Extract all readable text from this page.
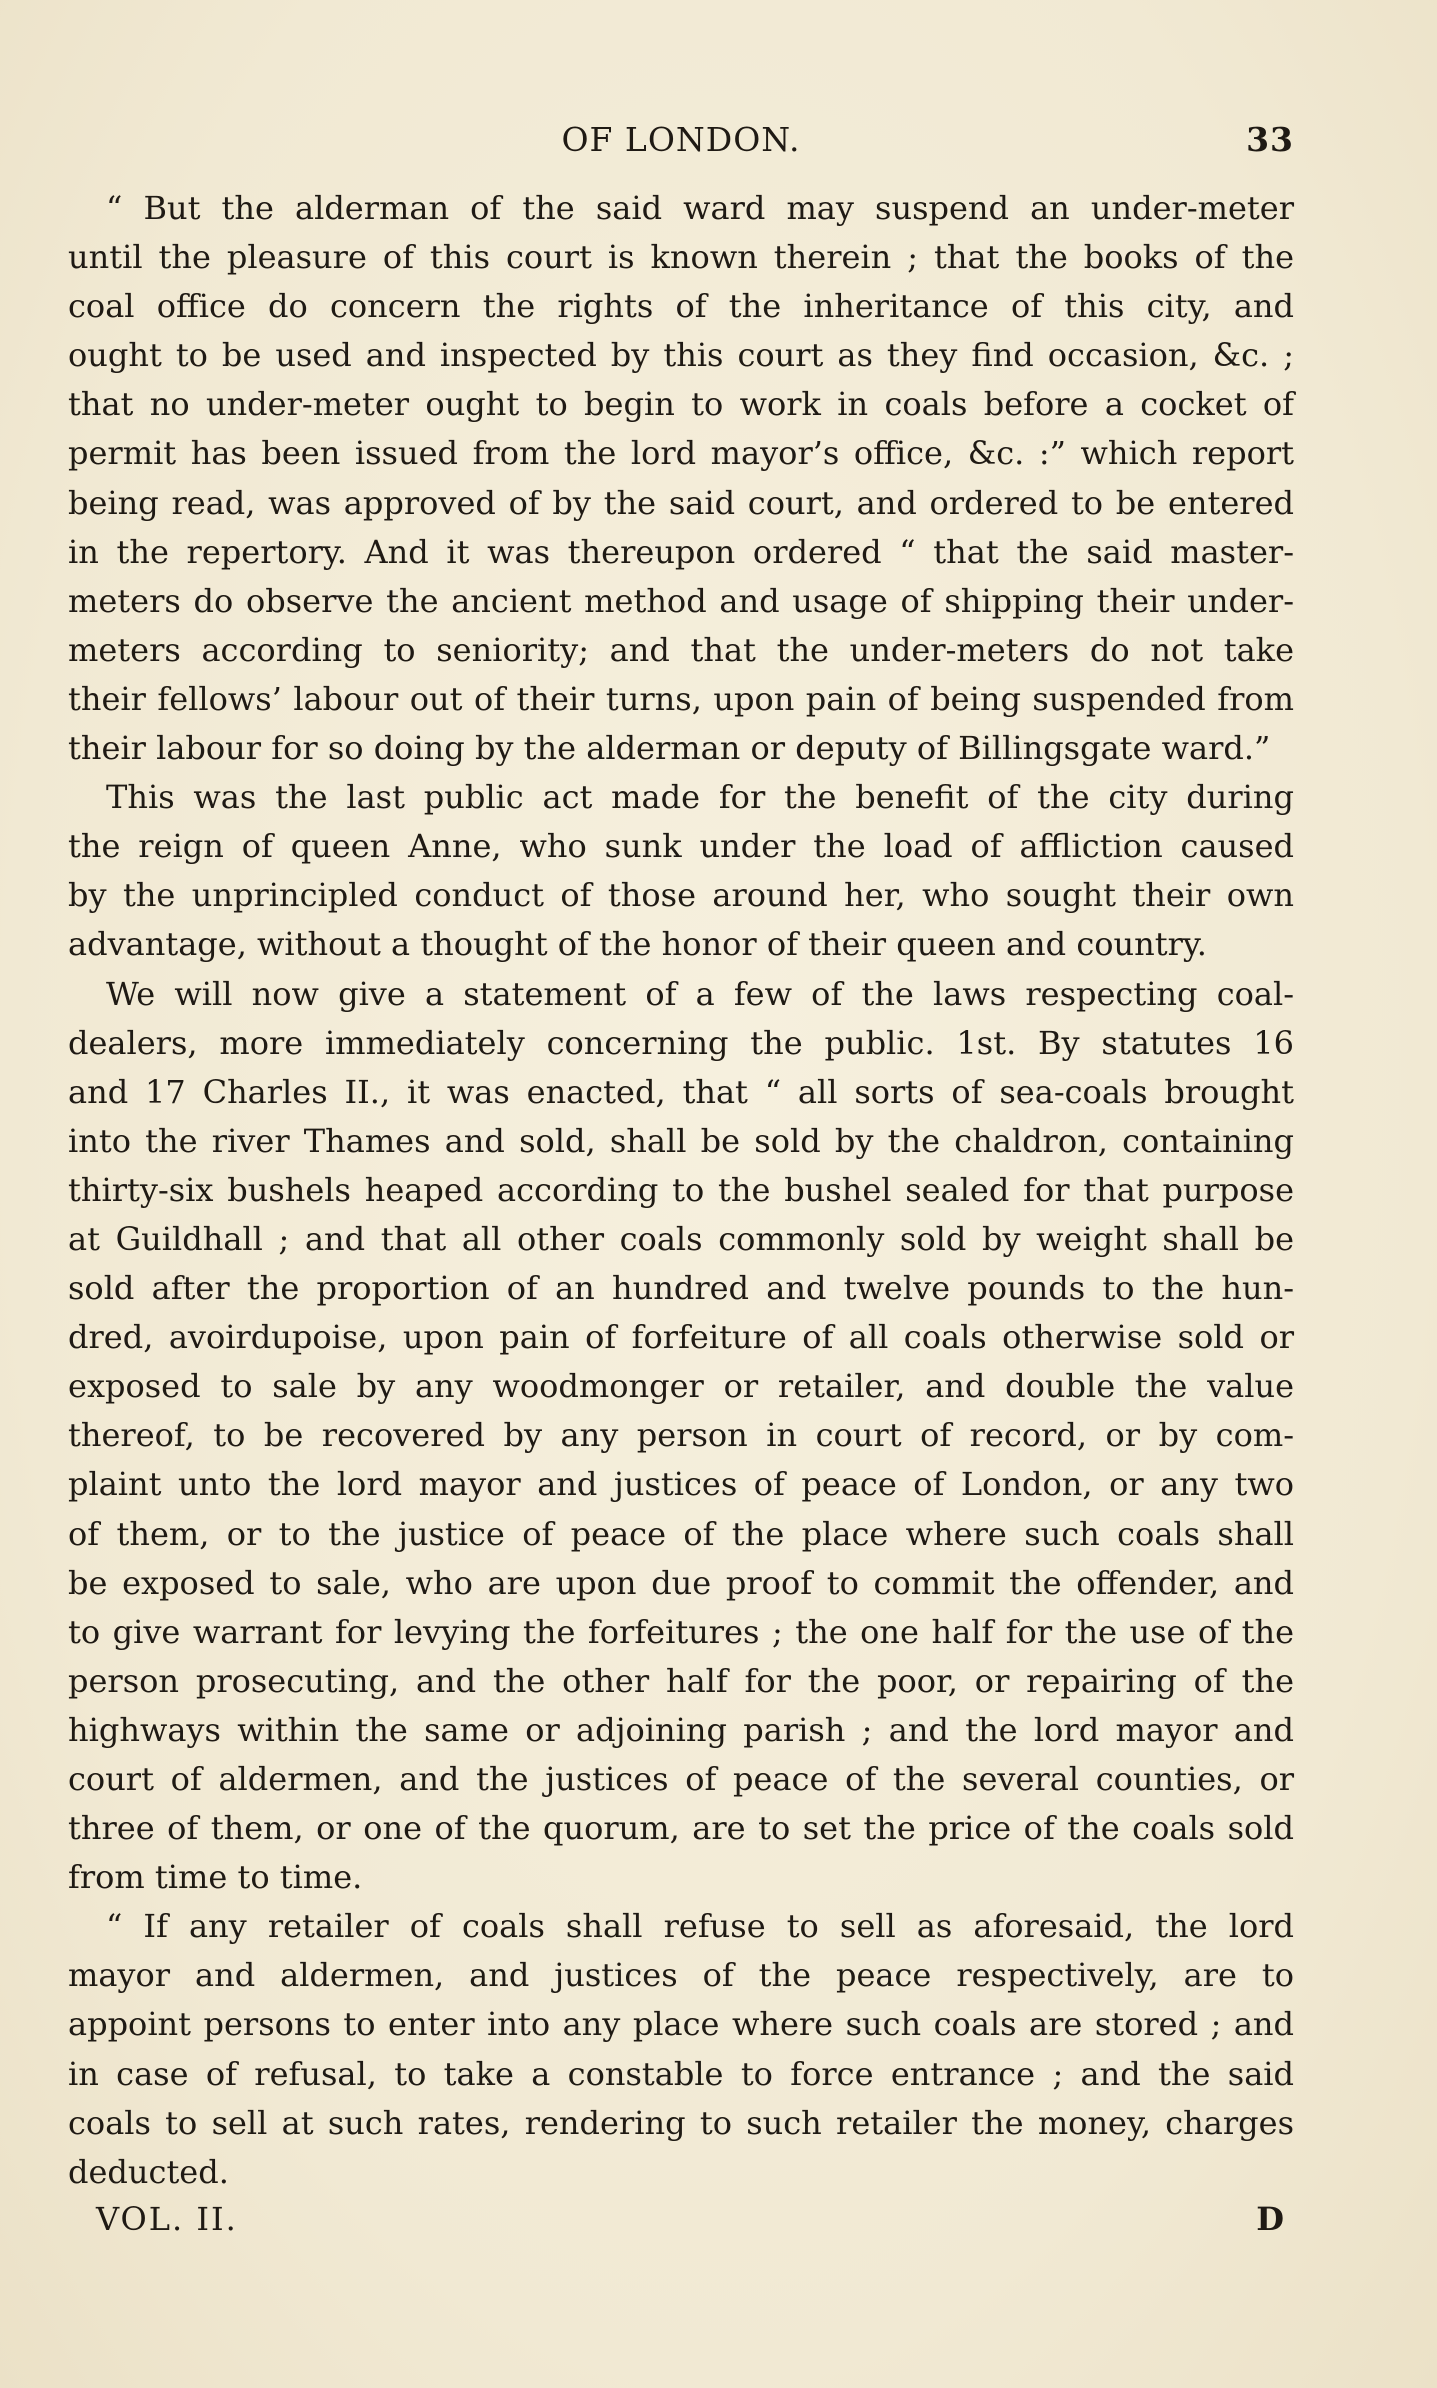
OF LONDON.	33
“ But the alderman of the said ward may suspend an under-meter
until the pleasure of this court is known therein ; that the books of the
coal office do concern the rights of the inheritance of this city, and
ought to be used and inspected by this court as they find occasion, &c. ;
that no under-meter ought to begin to work in coals before a cocket of
permit has been issued from the lord mayor’s office, &c. :” which report
being read, was approved of by the said court, and ordered to be entered
in the repertory. And it was thereupon ordered “ that the said master-
meters do observe the ancient method and usage of shipping their under-
meters according to seniority; and that the under-meters do not take
their fellows’ labour out of their turns, upon pain of being suspended from
their labour for so doing by the alderman or deputy of Billingsgate ward.”
This was the last public act made for the benefit of the city during
the reign of queen Anne, who sunk under the load of affliction caused
by the unprincipled conduct of those around her, who sought their own
advantage, without a thought of the honor of their queen and country.
We will now give a statement of a few of the laws respecting coal-
dealers, more immediately concerning the public. 1st. By statutes 16
and 17 Charles II., it was enacted, that “ all sorts of sea-coals brought
into the river Thames and sold, shall be sold by the chaldron, containing
thirty-six bushels heaped according to the bushel sealed for that purpose
at Guildhall ; and that all other coals commonly sold by weight shall be
sold after the proportion of an hundred and twelve pounds to the hun-
dred, avoirdupoise, upon pain of forfeiture of all coals otherwise sold or
exposed to sale by any woodmonger or retailer, and double the value
thereof, to be recovered by any person in court of record, or by com-
plaint unto the lord mayor and justices of peace of London, or any two
of them, or to the justice of peace of the place where such coals shall
be exposed to sale, who are upon due proof to commit the offender, and
to give warrant for levying the forfeitures ; the one half for the use of the
person prosecuting, and the other half for the poor, or repairing of the
highways within the same or adjoining parish ; and the lord mayor and
court of aldermen, and the justices of peace of the several counties, or
three of them, or one of the quorum, are to set the price of the coals sold
from time to time.
“ If any retailer of coals shall refuse to sell as aforesaid, the lord
mayor and aldermen, and justices of the peace respectively, are to
appoint persons to enter into any place where such coals are stored ; and
in case of refusal, to take a constable to force entrance ; and the said
coals to sell at such rates, rendering to such retailer the money, charges
deducted.
VOL. II.	D
